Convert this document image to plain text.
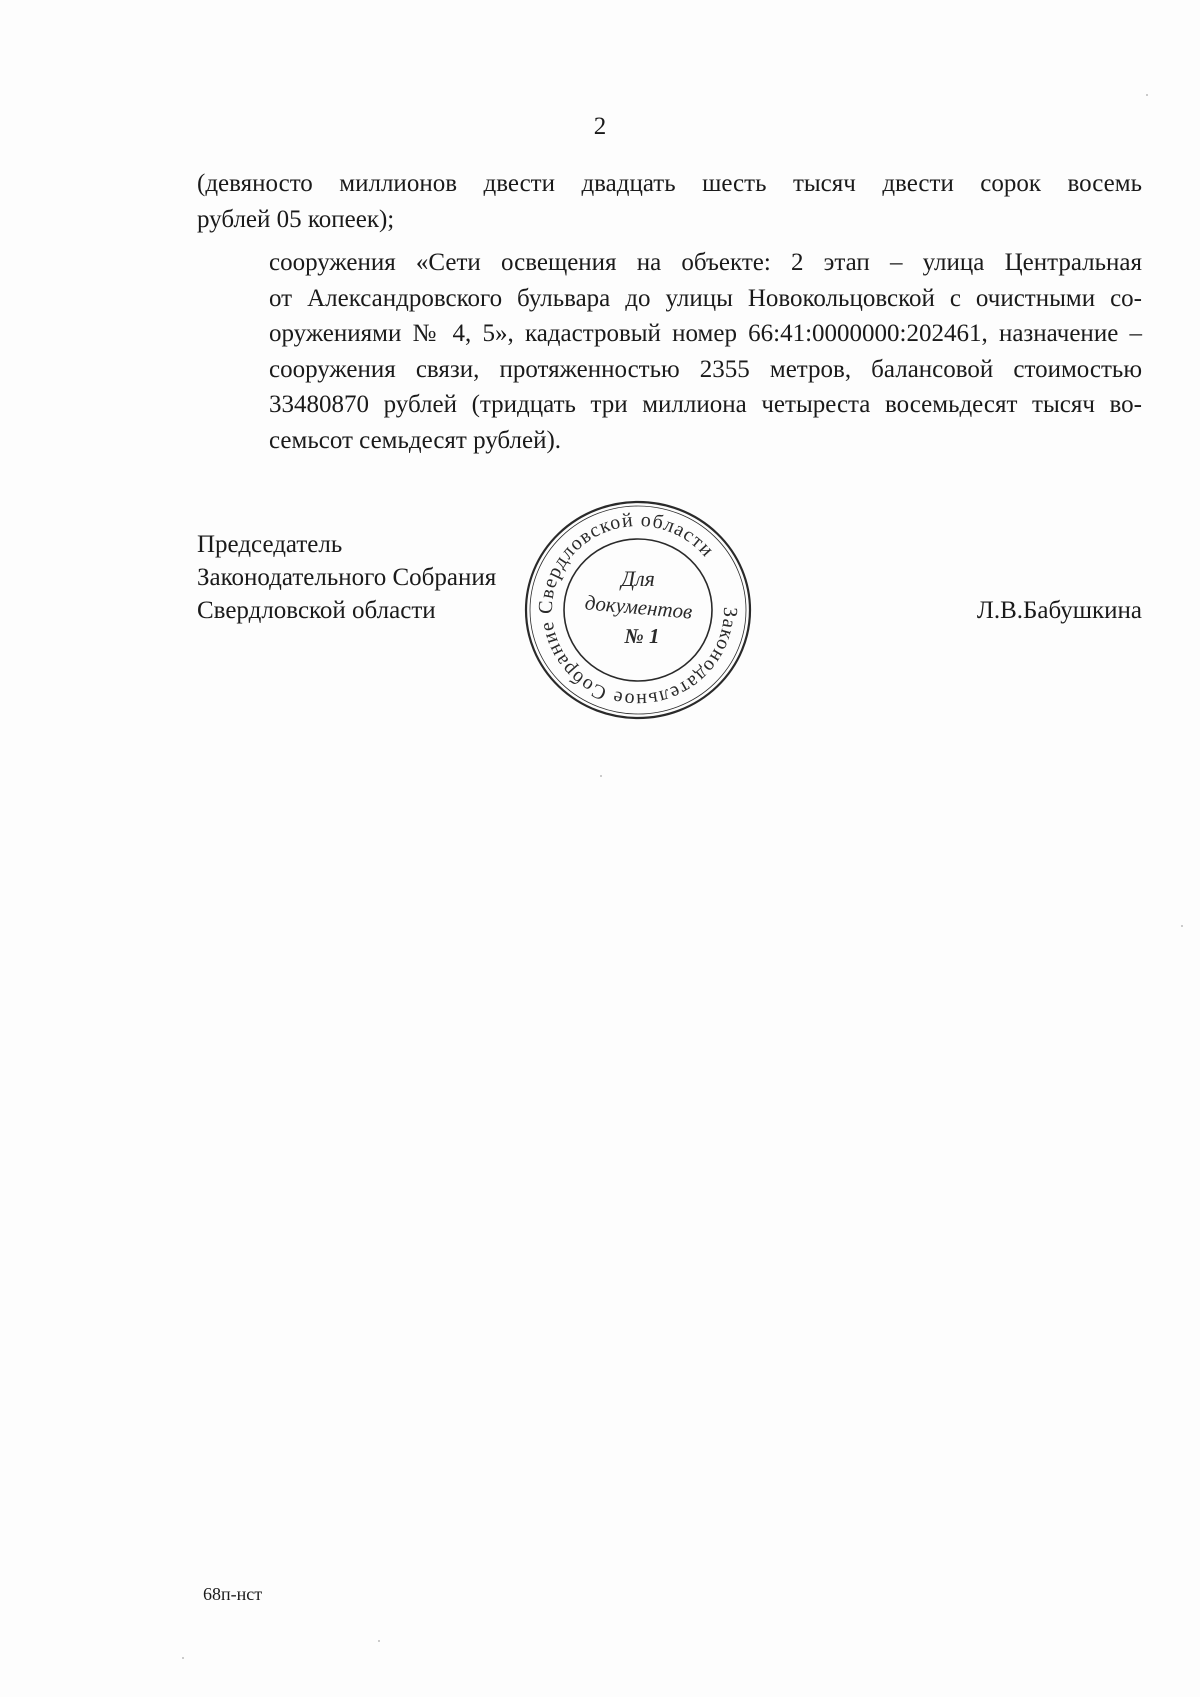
2
(девяносто миллионов двести двадцать шесть тысяч двести сорок восемь
рублей 05 копеек);
сооружения «Сети освещения на объекте: 2 этап – улица Центральная
от Александровского бульвара до улицы Новокольцовской с очистными со-
оружениями № 4, 5», кадастровый номер 66:41:0000000:202461, назначение –
сооружения связи, протяженностью 2355 метров, балансовой стоимостью
33480870 рублей (тридцать три миллиона четыреста восемьдесят тысяч во-
семьсот семьдесят рублей).
Председатель
Законодательного Собрания
Свердловской области	Л.В.Бабушкина
Законодательное Собрание Свердловской области
Для
документов
№ 1
68п-нст
